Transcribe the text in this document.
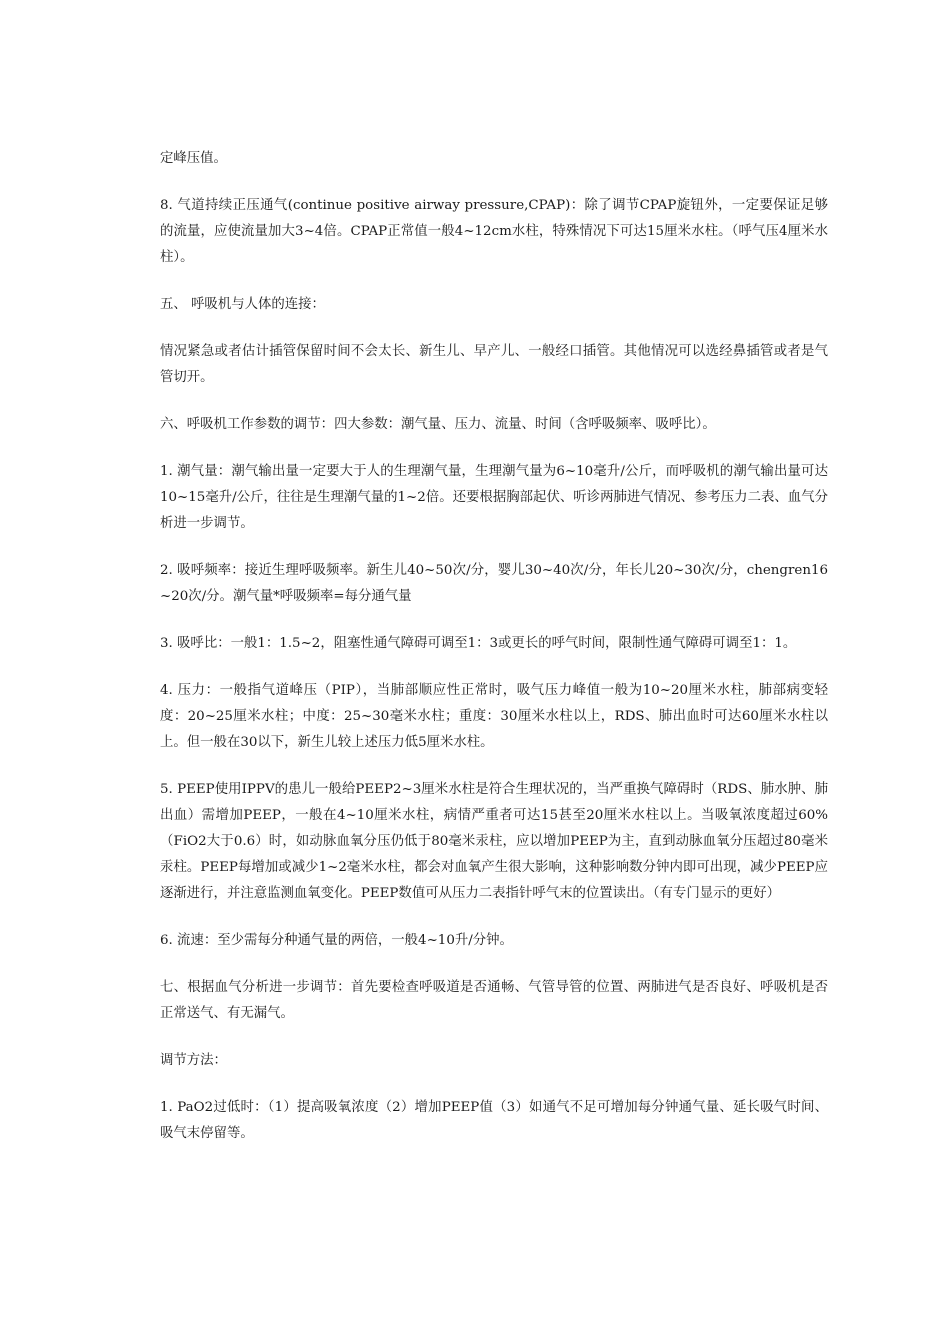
定峰压值。

8. 气道持续正压通气(continue positive airway pressure,CPAP)：除了调节CPAP旋钮外，一定要保证足够的流量，应使流量加大3~4倍。CPAP正常值一般4~12cm水柱，特殊情况下可达15厘米水柱。（呼气压4厘米水柱）。

五、 呼吸机与人体的连接：

情况紧急或者估计插管保留时间不会太长、新生儿、早产儿、一般经口插管。其他情况可以选经鼻插管或者是气管切开。

六、呼吸机工作参数的调节：四大参数：潮气量、压力、流量、时间（含呼吸频率、吸呼比）。

1. 潮气量：潮气输出量一定要大于人的生理潮气量，生理潮气量为6~10毫升/公斤，而呼吸机的潮气输出量可达10~15毫升/公斤，往往是生理潮气量的1~2倍。还要根据胸部起伏、听诊两肺进气情况、参考压力二表、血气分析进一步调节。

2. 吸呼频率：接近生理呼吸频率。新生儿40~50次/分，婴儿30~40次/分，年长儿20~30次/分，chengren16~20次/分。潮气量*呼吸频率=每分通气量

3. 吸呼比：一般1：1.5~2，阻塞性通气障碍可调至1：3或更长的呼气时间，限制性通气障碍可调至1：1。

4. 压力：一般指气道峰压（PIP），当肺部顺应性正常时，吸气压力峰值一般为10~20厘米水柱，肺部病变轻度：20~25厘米水柱；中度：25~30毫米水柱；重度：30厘米水柱以上，RDS、肺出血时可达60厘米水柱以上。但一般在30以下，新生儿较上述压力低5厘米水柱。

5. PEEP使用IPPV的患儿一般给PEEP2~3厘米水柱是符合生理状况的，当严重换气障碍时（RDS、肺水肿、肺出血）需增加PEEP，一般在4~10厘米水柱，病情严重者可达15甚至20厘米水柱以上。当吸氧浓度超过60%（FiO2大于0.6）时，如动脉血氧分压仍低于80毫米汞柱，应以增加PEEP为主，直到动脉血氧分压超过80毫米汞柱。PEEP每增加或减少1~2毫米水柱，都会对血氧产生很大影响，这种影响数分钟内即可出现，减少PEEP应逐渐进行，并注意监测血氧变化。PEEP数值可从压力二表指针呼气末的位置读出。（有专门显示的更好）

6. 流速：至少需每分种通气量的两倍，一般4~10升/分钟。

七、根据血气分析进一步调节：首先要检查呼吸道是否通畅、气管导管的位置、两肺进气是否良好、呼吸机是否正常送气、有无漏气。

调节方法：

1. PaO2过低时：（1）提高吸氧浓度（2）增加PEEP值（3）如通气不足可增加每分钟通气量、延长吸气时间、吸气末停留等。
